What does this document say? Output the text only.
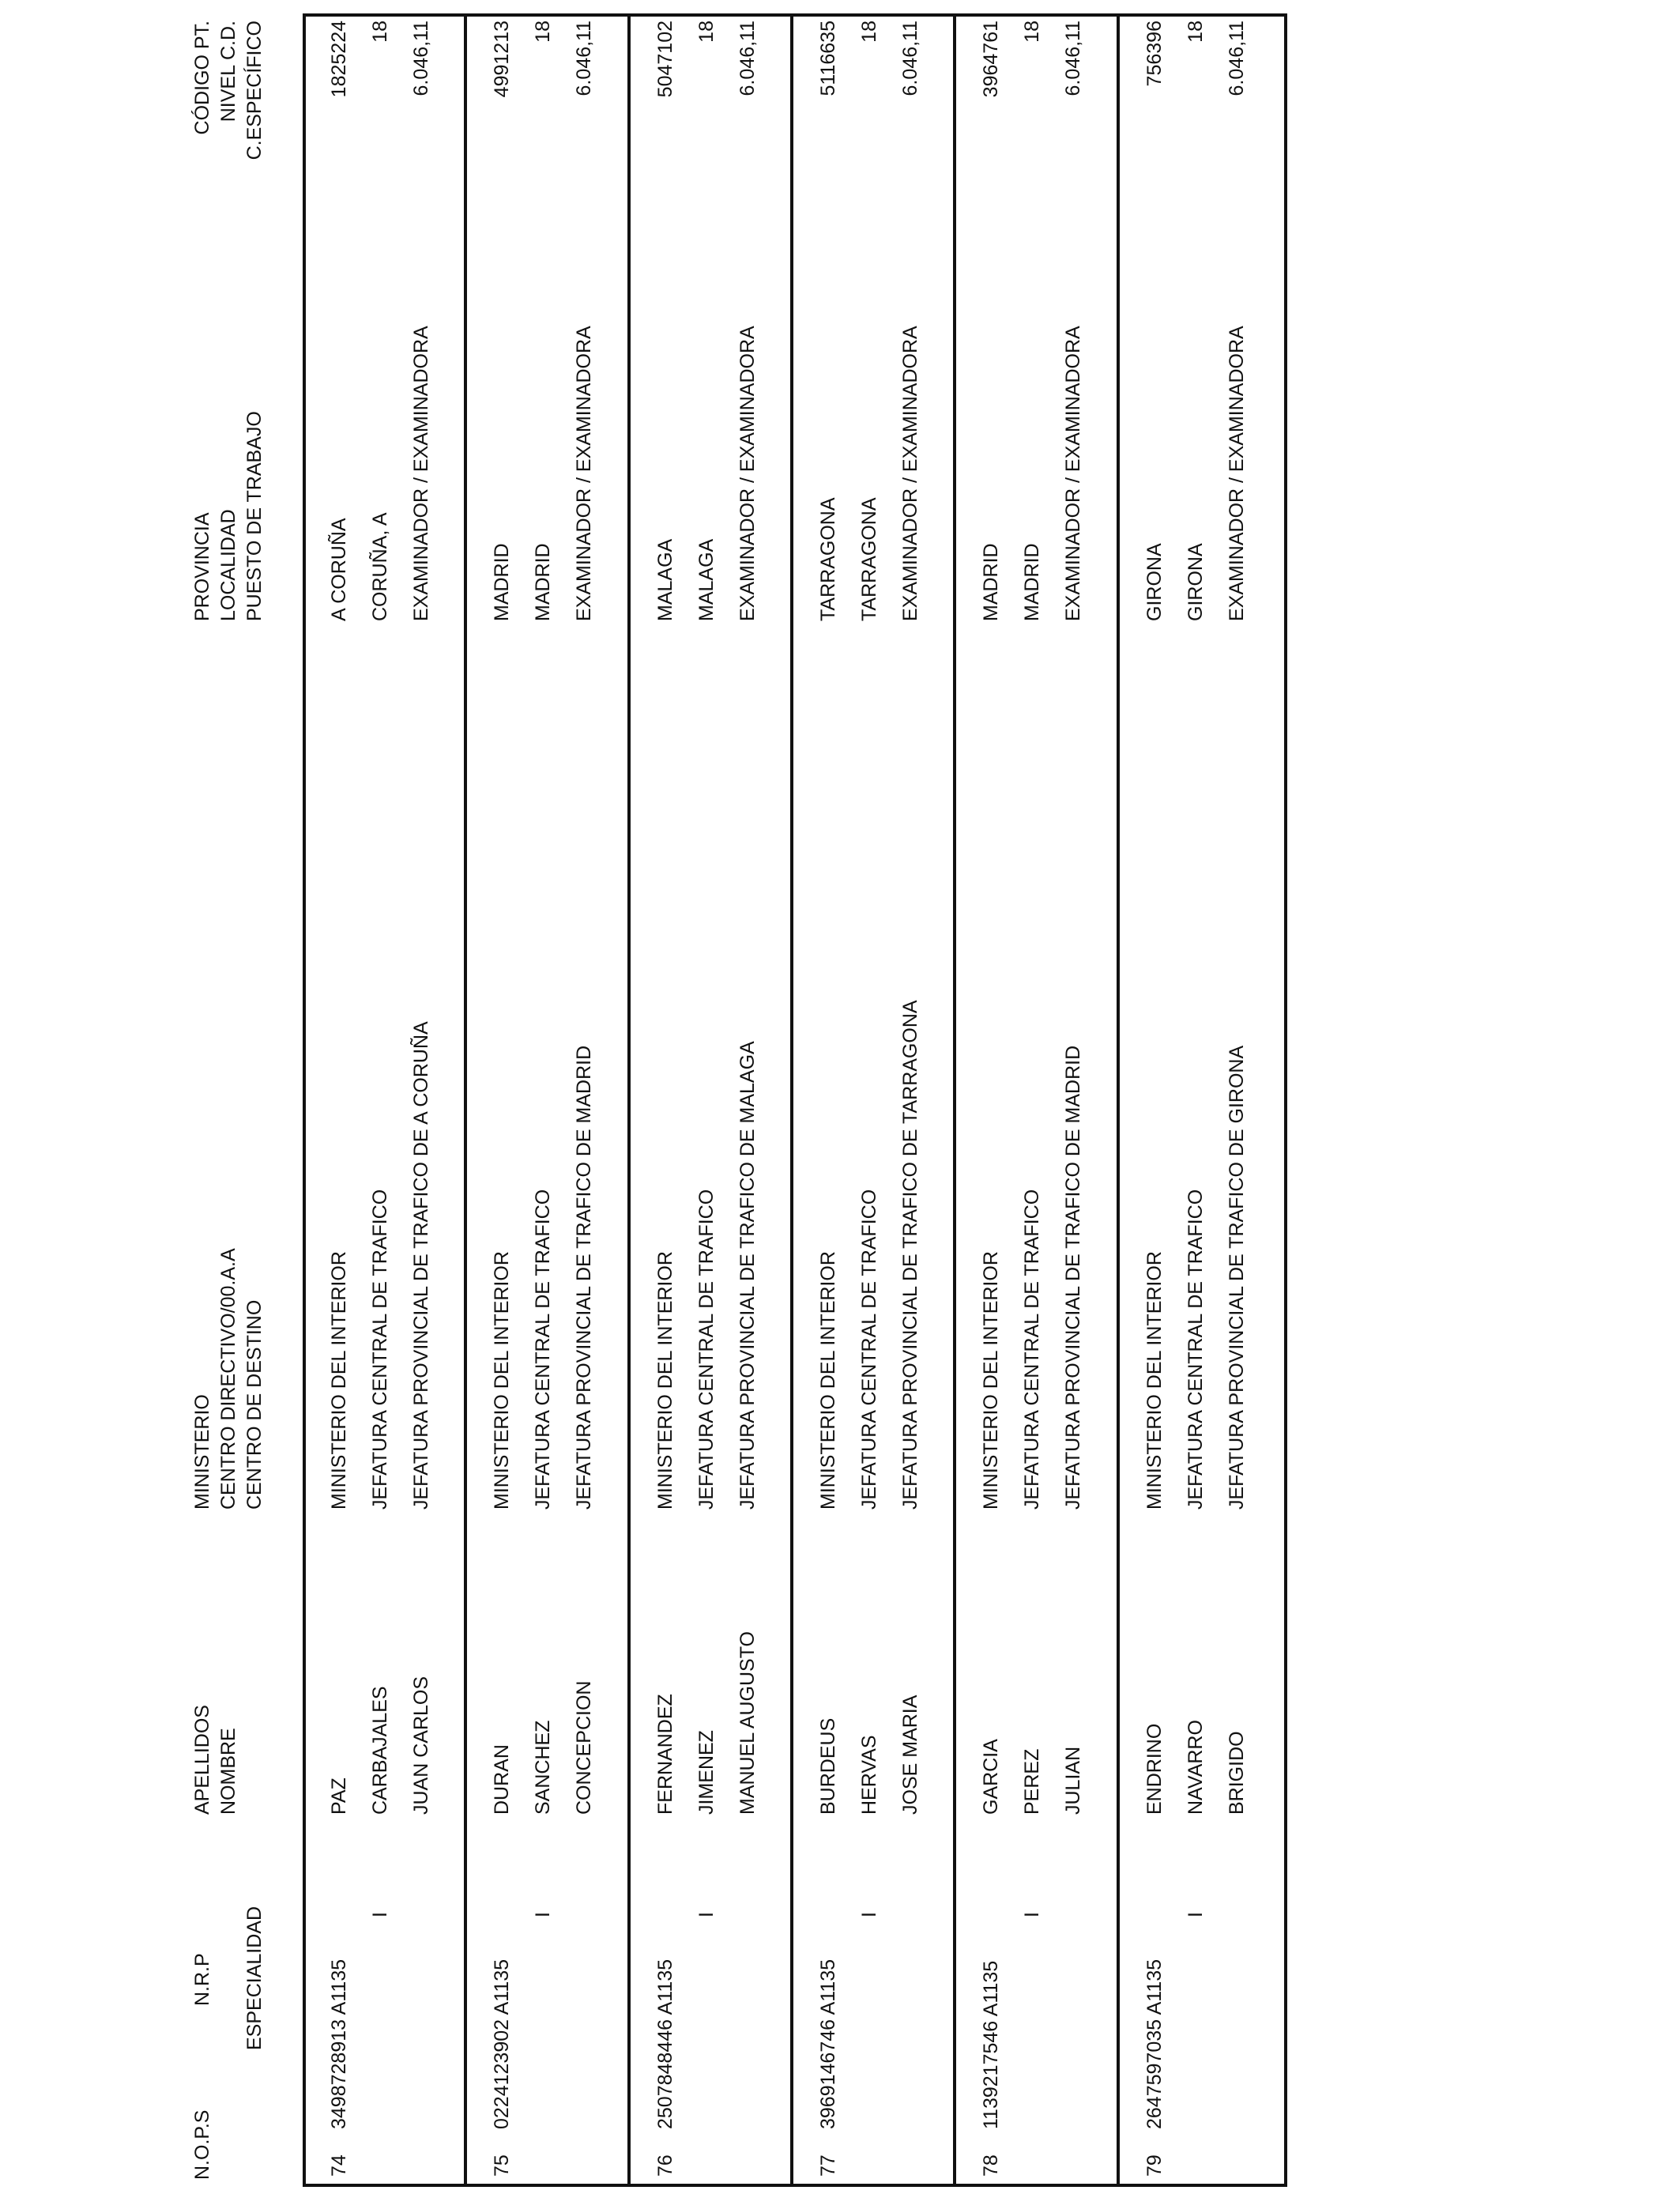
N.O.P.S
N.R.P ESPECIALIDAD
APELLIDOS NOMBRE
MINISTERIO CENTRO DIRECTIVO/00.A.A CENTRO DE DESTINO
PROVINCIA LOCALIDAD PUESTO DE TRABAJO
CÓDIGO PT. NIVEL C.D. C.ESPECÍFICO
74
3498728913 A1135
I
PAZ CARBAJALES JUAN CARLOS
MINISTERIO DEL INTERIOR JEFATURA CENTRAL DE TRAFICO JEFATURA PROVINCIAL DE TRAFICO DE A CORUÑA
A CORUÑA CORUÑA, A EXAMINADOR / EXAMINADORA
1825224 18 6.046,11
75
0224123902 A1135
I
DURAN SANCHEZ CONCEPCION
MINISTERIO DEL INTERIOR JEFATURA CENTRAL DE TRAFICO JEFATURA PROVINCIAL DE TRAFICO DE MADRID
MADRID MADRID EXAMINADOR / EXAMINADORA
4991213 18 6.046,11
76
2507848446 A1135
I
FERNANDEZ JIMENEZ MANUEL AUGUSTO
MINISTERIO DEL INTERIOR JEFATURA CENTRAL DE TRAFICO JEFATURA PROVINCIAL DE TRAFICO DE MALAGA
MALAGA MALAGA EXAMINADOR / EXAMINADORA
5047102 18 6.046,11
77
3969146746 A1135
I
BURDEUS HERVAS JOSE MARIA
MINISTERIO DEL INTERIOR JEFATURA CENTRAL DE TRAFICO JEFATURA PROVINCIAL DE TRAFICO DE TARRAGONA
TARRAGONA TARRAGONA EXAMINADOR / EXAMINADORA
5116635 18 6.046,11
78
1139217546 A1135
I
GARCIA PEREZ JULIAN
MINISTERIO DEL INTERIOR JEFATURA CENTRAL DE TRAFICO JEFATURA PROVINCIAL DE TRAFICO DE MADRID
MADRID MADRID EXAMINADOR / EXAMINADORA
3964761 18 6.046,11
79
2647597035 A1135
I
ENDRINO NAVARRO BRIGIDO
MINISTERIO DEL INTERIOR JEFATURA CENTRAL DE TRAFICO JEFATURA PROVINCIAL DE TRAFICO DE GIRONA
GIRONA GIRONA EXAMINADOR / EXAMINADORA
756396 18 6.046,11
